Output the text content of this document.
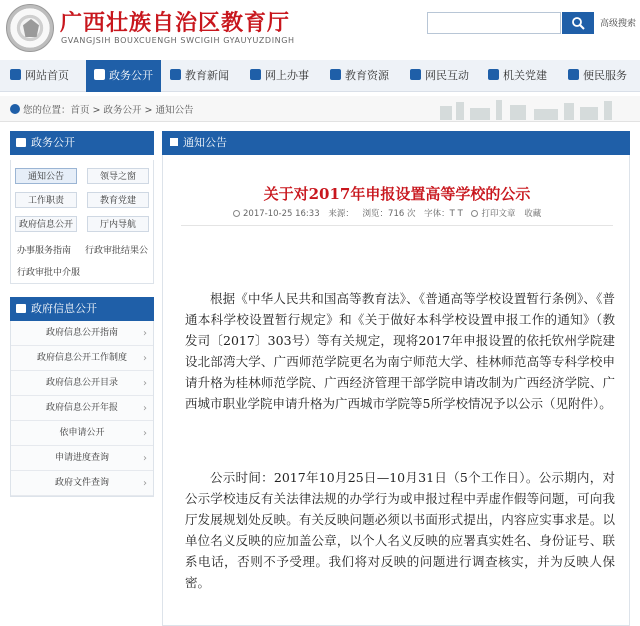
广西壮族自治区教育厅
GVANGJSIH BOUXCUENGH SWCIGIH GYAUYUZDINGH
高级搜索
网站首页	政务公开	教育新闻	网上办事	教育资源	网民互动	机关党建	便民服务
您的位置：首页 > 政务公开 > 通知公告
政务公开
通知公告	领导之窗
工作职责	教育党建
政府信息公开	厅内导航
办事服务指南 行政审批结果公
行政审批中介服
政府信息公开
政府信息公开指南	›
政府信息公开工作制度 ›
政府信息公开目录	›
政府信息公开年报	›
依申请公开	›
申请进度查询	›
政府文件查询	›
通知公告
关于对2017年申报设置高等学校的公示
2017-10-25 16:33 来源： 浏览：716 次 字体：T T 打印文章 收藏

根据《中华人民共和国高等教育法》、《普通高等学校设置暂行条例》、《普通本科学校设置暂行规定》和《关于做好本科学校设置申报工作的通知》（教发司〔2017〕303号）等有关规定，现将2017年申报设置的依托钦州学院建设北部湾大学、广西师范学院更名为南宁师范大学、桂林师范高等专科学校申请升格为桂林师范学院、广西经济管理干部学院申请改制为广西经济学院、广西城市职业学院申请升格为广西城市学院等5所学校情况予以公示（见附件）。

公示时间：2017年10月25日—10月31日（5个工作日）。公示期内，对公示学校违反有关法律法规的办学行为或申报过程中弄虚作假等问题，可向我厅发展规划处反映。有关反映问题必须以书面形式提出，内容应实事求是。以单位名义反映的应加盖公章，以个人名义反映的应署真实姓名、身份证号、联系电话，否则不予受理。我们将对反映的问题进行调查核实，并为反映人保密。
